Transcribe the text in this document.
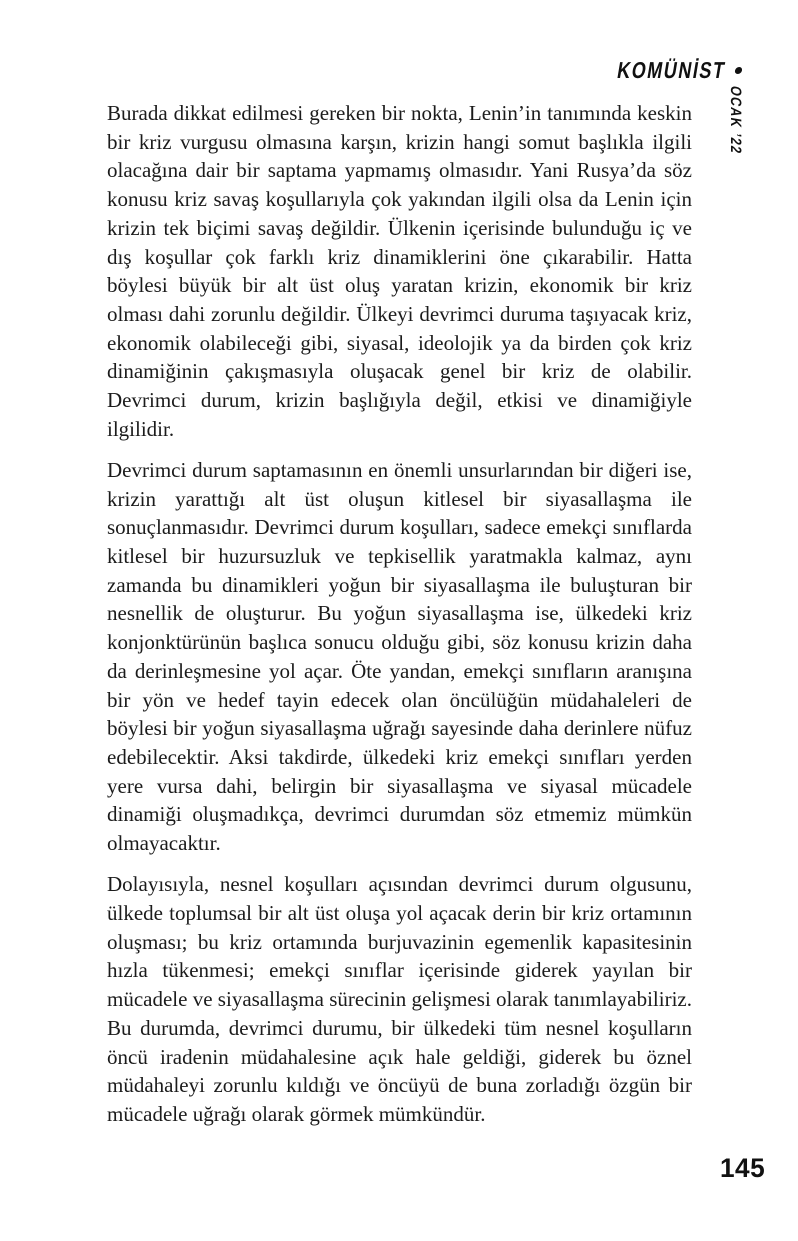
KOMÜNİST
OCAK ’22

Burada dikkat edilmesi gereken bir nokta, Lenin’in tanımında keskin bir kriz vurgusu olmasına karşın, krizin hangi somut başlıkla ilgili olacağına dair bir saptama yapmamış olmasıdır. Yani Rusya’da söz konusu kriz savaş koşullarıyla çok yakından ilgili olsa da Lenin için krizin tek biçimi savaş değildir. Ülkenin içerisinde bulunduğu iç ve dış koşullar çok farklı kriz dinamiklerini öne çıkarabilir. Hatta böylesi büyük bir alt üst oluş yaratan krizin, ekonomik bir kriz olması dahi zorunlu değildir. Ülkeyi devrimci duruma taşıyacak kriz, ekonomik olabileceği gibi, siyasal, ideolojik ya da birden çok kriz dinamiğinin çakışmasıyla oluşacak genel bir kriz de olabilir. Devrimci durum, krizin başlığıyla değil, etkisi ve dinamiğiyle ilgilidir.

Devrimci durum saptamasının en önemli unsurlarından bir diğeri ise, krizin yarattığı alt üst oluşun kitlesel bir siyasallaşma ile sonuçlanmasıdır. Devrimci durum koşulları, sadece emekçi sınıflarda kitlesel bir huzursuzluk ve tepkisellik yaratmakla kalmaz, aynı zamanda bu dinamikleri yoğun bir siyasallaşma ile buluşturan bir nesnellik de oluşturur. Bu yoğun siyasallaşma ise, ülkedeki kriz konjonktürünün başlıca sonucu olduğu gibi, söz konusu krizin daha da derinleşmesine yol açar. Öte yandan, emekçi sınıfların aranışına bir yön ve hedef tayin edecek olan öncülüğün müdahaleleri de böylesi bir yoğun siyasallaşma uğrağı sayesinde daha derinlere nüfuz edebilecektir. Aksi takdirde, ülkedeki kriz emekçi sınıfları yerden yere vursa dahi, belirgin bir siyasallaşma ve siyasal mücadele dinamiği oluşmadıkça, devrimci durumdan söz etmemiz mümkün olmayacaktır.

Dolayısıyla, nesnel koşulları açısından devrimci durum olgusunu, ülkede toplumsal bir alt üst oluşa yol açacak derin bir kriz ortamının oluşması; bu kriz ortamında burjuvazinin egemenlik kapasitesinin hızla tükenmesi; emekçi sınıflar içerisinde giderek yayılan bir mücadele ve siyasallaşma sürecinin gelişmesi olarak tanımlayabiliriz. Bu durumda, devrimci durumu, bir ülkedeki tüm nesnel koşulların öncü iradenin müdahalesine açık hale geldiği, giderek bu öznel müdahaleyi zorunlu kıldığı ve öncüyü de buna zorladığı özgün bir mücadele uğrağı olarak görmek mümkündür.

145
